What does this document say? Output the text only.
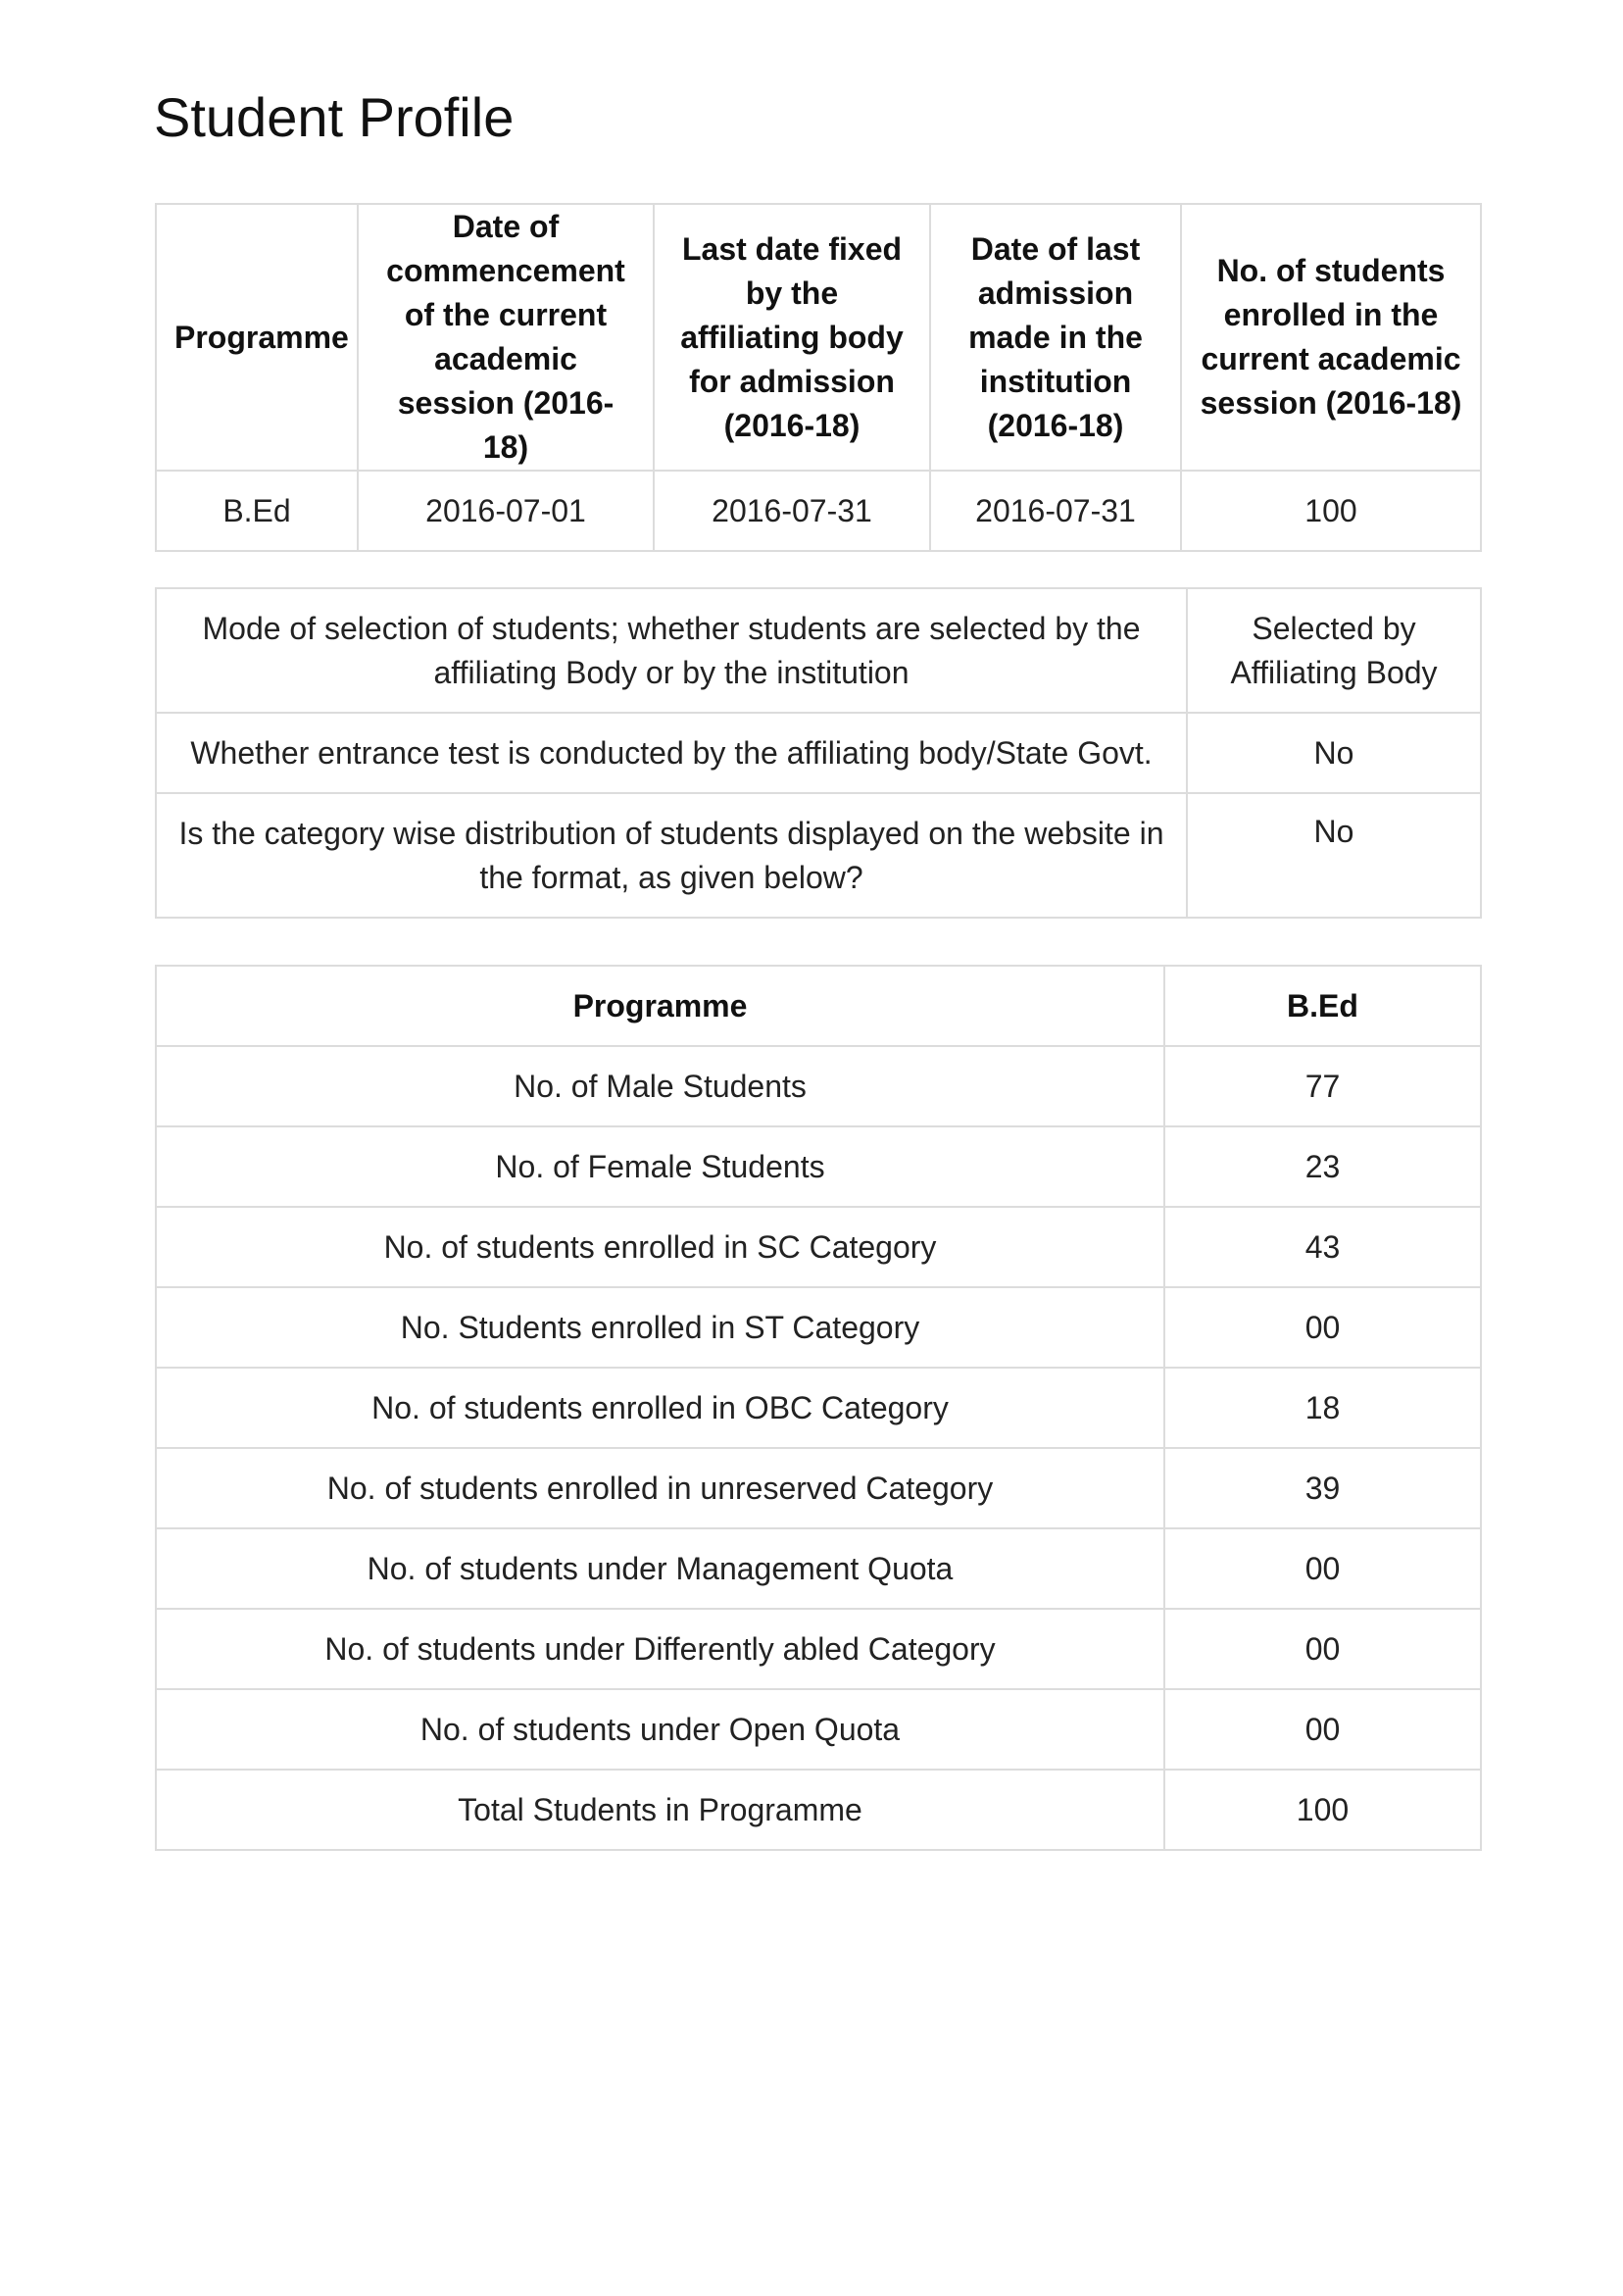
Student Profile
Programme	Date of commencement of the current academic session (2016-18)	Last date fixed by the affiliating body for admission (2016-18)	Date of last admission made in the institution (2016-18)	No. of students enrolled in the current academic session (2016-18)
B.Ed	2016-07-01	2016-07-31	2016-07-31	100
Mode of selection of students; whether students are selected by the affiliating Body or by the institution	Selected by Affiliating Body
Whether entrance test is conducted by the affiliating body/State Govt.	No
Is the category wise distribution of students displayed on the website in the format, as given below?	No
Programme	B.Ed
No. of Male Students	77
No. of Female Students	23
No. of students enrolled in SC Category	43
No. Students enrolled in ST Category	00
No. of students enrolled in OBC Category	18
No. of students enrolled in unreserved Category	39
No. of students under Management Quota	00
No. of students under Differently abled Category	00
No. of students under Open Quota	00
Total Students in Programme	100
